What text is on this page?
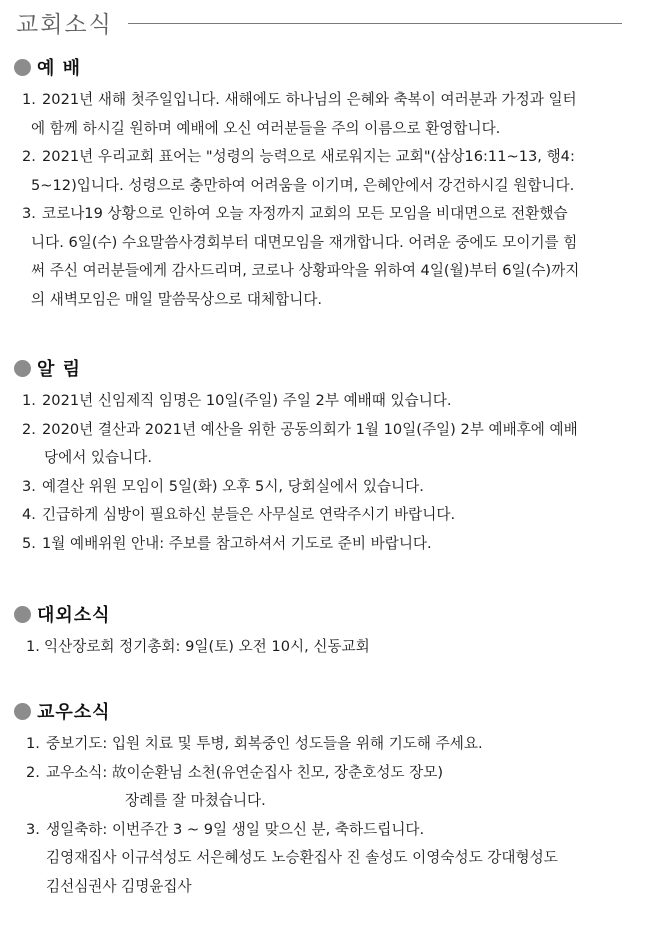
교회소식
예 배
1. 2021년 새해 첫주일입니다. 새해에도 하나님의 은혜와 축복이 여러분과 가정과 일터
에 함께 하시길 원하며 예배에 오신 여러분들을 주의 이름으로 환영합니다.
2. 2021년 우리교회 표어는 "성령의 능력으로 새로워지는 교회"(삼상16:11~13, 행4:
5~12)입니다. 성령으로 충만하여 어려움을 이기며, 은혜안에서 강건하시길 원합니다.
3. 코로나19 상황으로 인하여 오늘 자정까지 교회의 모든 모임을 비대면으로 전환했습
니다. 6일(수) 수요말씀사경회부터 대면모임을 재개합니다. 어려운 중에도 모이기를 힘
써 주신 여러분들에게 감사드리며, 코로나 상황파악을 위하여 4일(월)부터 6일(수)까지
의 새벽모임은 매일 말씀묵상으로 대체합니다.
알 림
1. 2021년 신임제직 임명은 10일(주일) 주일 2부 예배때 있습니다.
2. 2020년 결산과 2021년 예산을 위한 공동의회가 1월 10일(주일) 2부 예배후에 예배
당에서 있습니다.
3. 예결산 위원 모임이 5일(화) 오후 5시, 당회실에서 있습니다.
4. 긴급하게 심방이 필요하신 분들은 사무실로 연락주시기 바랍니다.
5. 1월 예배위원 안내: 주보를 참고하셔서 기도로 준비 바랍니다.
대외소식
1. 익산장로회 정기총회: 9일(토) 오전 10시, 신동교회
교우소식
1. 중보기도: 입원 치료 및 투병, 회복중인 성도들을 위해 기도해 주세요.
2. 교우소식: 故이순환님 소천(유연순집사 친모, 장춘호성도 장모)
장례를 잘 마쳤습니다.
3. 생일축하: 이번주간 3 ~ 9일 생일 맞으신 분, 축하드립니다.
김영재집사 이규석성도 서은혜성도 노승환집사 진 솔성도 이영숙성도 강대형성도
김선심권사 김명윤집사
